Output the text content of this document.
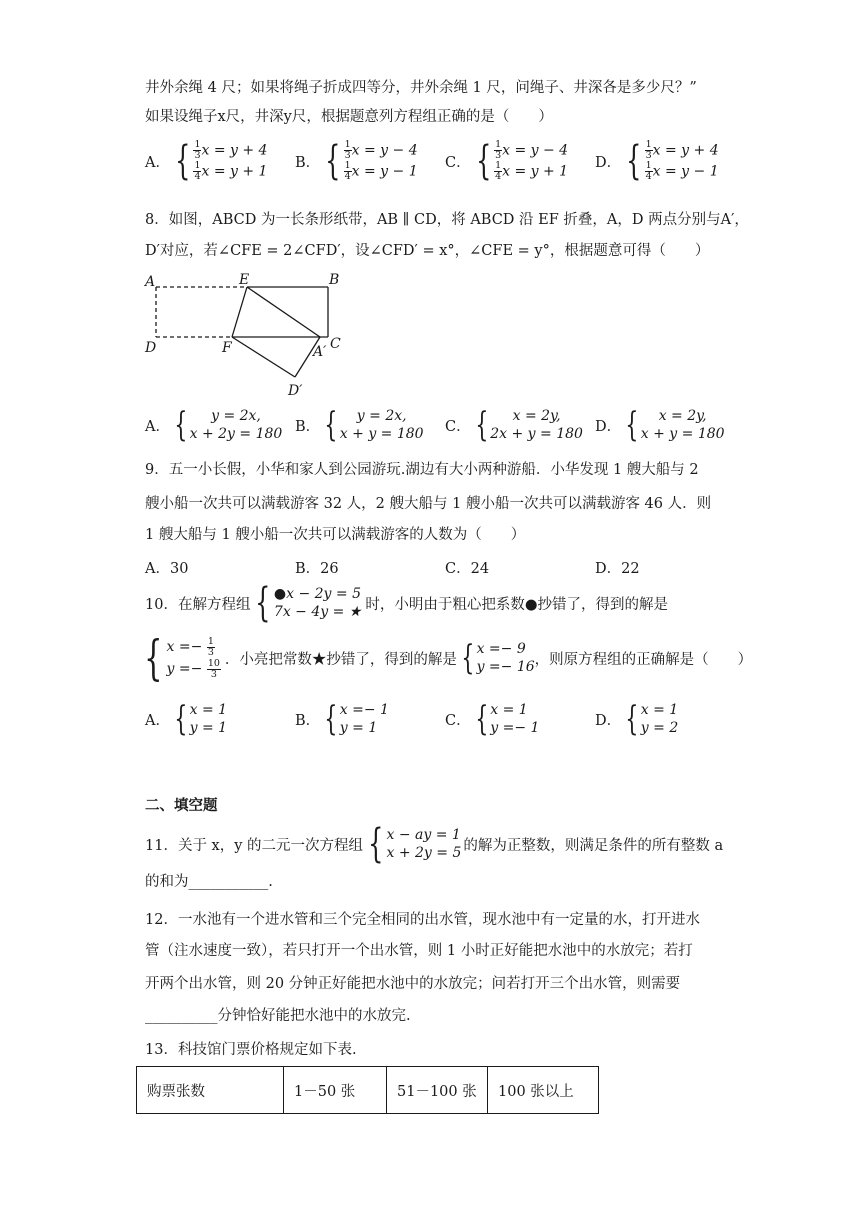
井外余绳 4 尺；如果将绳子折成四等分，井外余绳 1 尺，问绳子、井深各是多少尺？”
如果设绳子x尺，井深y尺，根据题意列方程组正确的是（　　）
A． { $\frac{1}{3}$ x = y + 4
$\frac{1}{4}$ x = y + 1
B． { $\frac{1}{3}$ x = y − 4
$\frac{1}{4}$ x = y − 1
C． { $\frac{1}{3}$ x = y − 4
$\frac{1}{4}$ x = y + 1
D． { $\frac{1}{3}$ x = y + 4
$\frac{1}{4}$ x = y − 1
8．如图，ABCD 为一长条形纸带，AB ∥ CD，将 ABCD 沿 EF 折叠，A，D 两点分别与A′，
D′对应，若∠CFE = 2∠CFD′，设∠CFD′ = x°，∠CFE = y°，根据题意可得（　　）
A	E	B
D	F	A′ C
D′
A． { y = 2x,
x + 2y = 180 B． { y = 2x,
x + y = 180 C． { x = 2y,
2x + y = 180 D． { x = 2y,
x + y = 180
9．五一小长假，小华和家人到公园游玩.湖边有大小两种游船．小华发现 1 艘大船与 2
艘小船一次共可以满载游客 32 人，2 艘大船与 1 艘小船一次共可以满载游客 46 人．则
1 艘大船与 1 艘小船一次共可以满载游客的人数为（　　）
A．30	B．26	C．24	D．22
10．在解方程组 { ●x − 2y = 5
7x − 4y = ★ 时，小明由于粗心把系数●抄错了，得到的解是
{ $x =- \frac{1}{3}$
$y =- \frac{10}{3}$ ．小亮把常数★抄错了，得到的解是 { x =− 9
y =− 16 ，则原方程组的正确解是（　　）
A． { x = 1
y = 1	B． { x =− 1
y = 1	C． { x = 1
y =− 1	D． { x = 1
y = 2
二、填空题
11．关于 x，y 的二元一次方程组 { x − ay = 1
x + 2y = 5 的解为正整数，则满足条件的所有整数 a
的和为___________.
12．一水池有一个进水管和三个完全相同的出水管，现水池中有一定量的水，打开进水
管（注水速度一致），若只打开一个出水管，则 1 小时正好能把水池中的水放完；若打
开两个出水管，则 20 分钟正好能把水池中的水放完；问若打开三个出水管，则需要
__________分钟恰好能把水池中的水放完.
13．科技馆门票价格规定如下表.
购票张数	1－50 张	51－100 张	100 张以上
